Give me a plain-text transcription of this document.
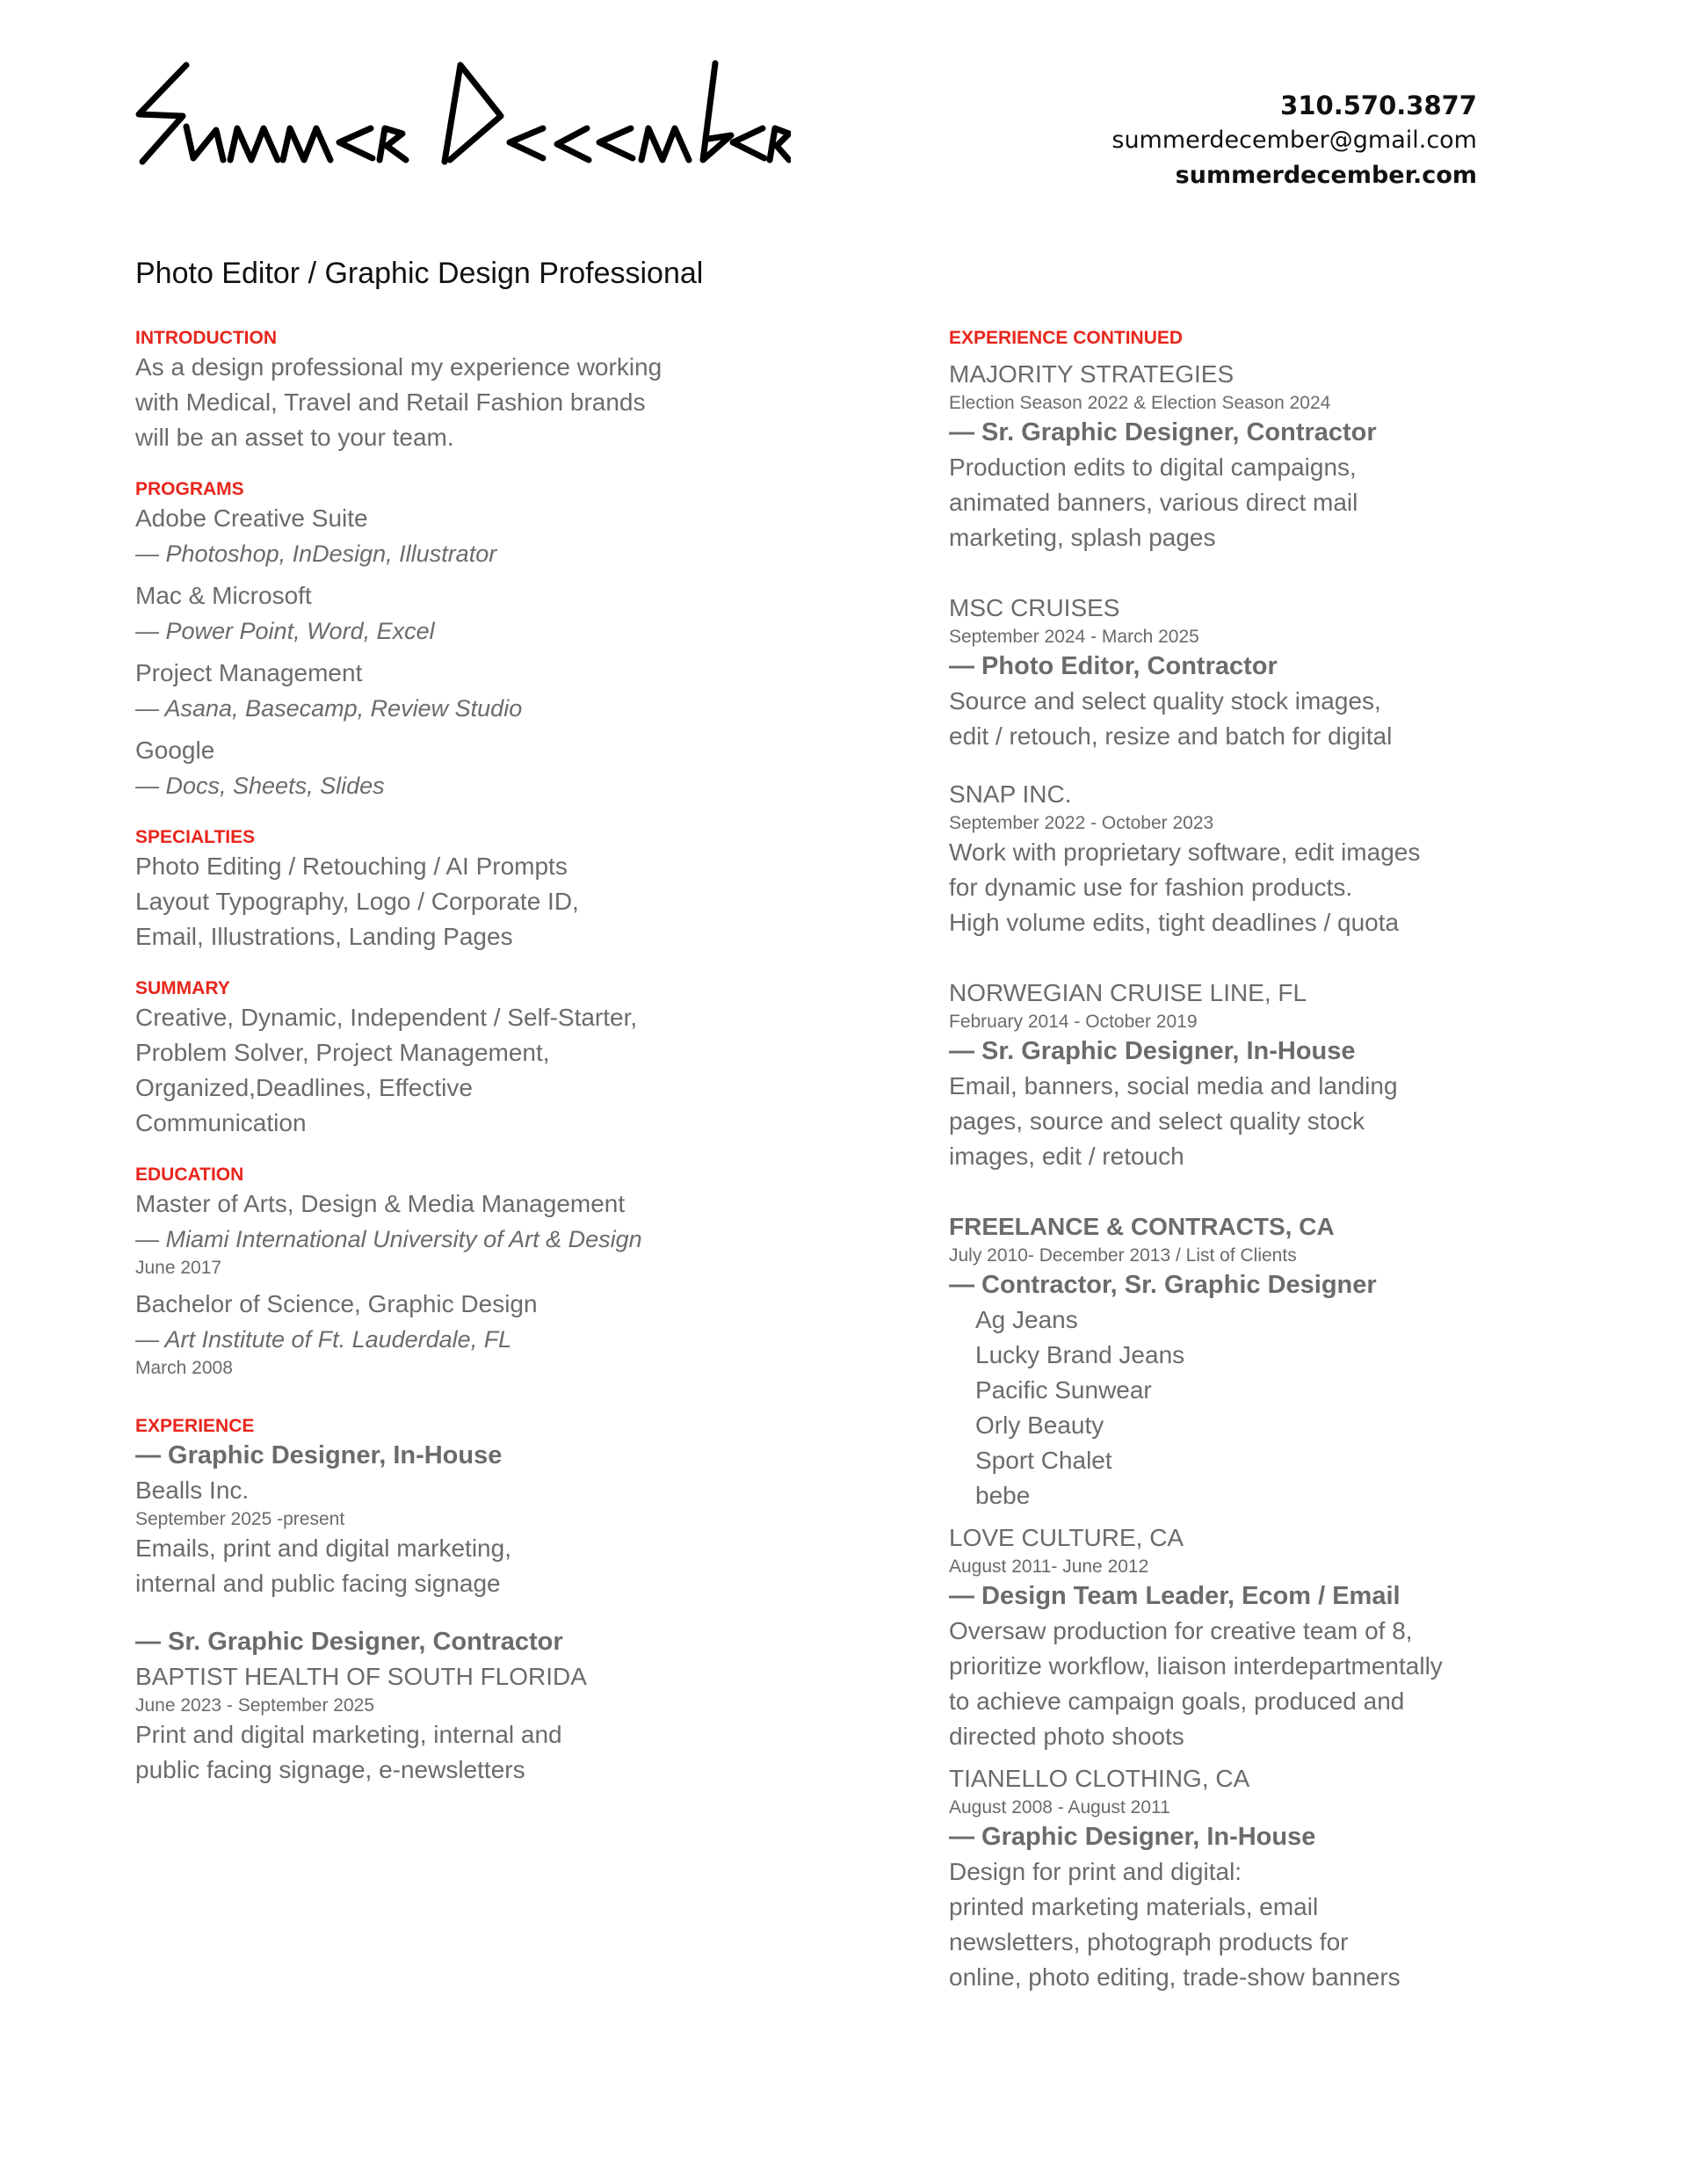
310.570.3877
summerdecember@gmail.com
summerdecember.com
Photo Editor / Graphic Design Professional
INTRODUCTION
As a design professional my experience working
with Medical, Travel and Retail Fashion brands
will be an asset to your team.
PROGRAMS
Adobe Creative Suite
— Photoshop, InDesign, Illustrator
Mac & Microsoft
— Power Point, Word, Excel
Project Management
— Asana, Basecamp, Review Studio
Google
— Docs, Sheets, Slides
SPECIALTIES
Photo Editing / Retouching / AI Prompts
Layout Typography, Logo / Corporate ID,
Email, Illustrations, Landing Pages
SUMMARY
Creative, Dynamic, Independent / Self-Starter,
Problem Solver, Project Management,
Organized,Deadlines, Effective
Communication
EDUCATION
Master of Arts, Design & Media Management
— Miami International University of Art & Design
June 2017
Bachelor of Science, Graphic Design
— Art Institute of Ft. Lauderdale, FL
March 2008
EXPERIENCE
— Graphic Designer, In-House
Bealls Inc.
September 2025 -present
Emails, print and digital marketing,
internal and public facing signage
— Sr. Graphic Designer, Contractor
BAPTIST HEALTH OF SOUTH FLORIDA
June 2023 - September 2025
Print and digital marketing, internal and
public facing signage, e-newsletters
EXPERIENCE CONTINUED
MAJORITY STRATEGIES
Election Season 2022 & Election Season 2024
— Sr. Graphic Designer, Contractor
Production edits to digital campaigns,
animated banners, various direct mail
marketing, splash pages
MSC CRUISES
September 2024 - March 2025
— Photo Editor, Contractor
Source and select quality stock images,
edit / retouch, resize and batch for digital
SNAP INC.
September 2022 - October 2023
Work with proprietary software, edit images
for dynamic use for fashion products.
High volume edits, tight deadlines / quota
NORWEGIAN CRUISE LINE, FL
February 2014 - October 2019
— Sr. Graphic Designer, In-House
Email, banners, social media and landing
pages, source and select quality stock
images, edit / retouch
FREELANCE & CONTRACTS, CA
July 2010- December 2013 / List of Clients
— Contractor, Sr. Graphic Designer
Ag Jeans
Lucky Brand Jeans
Pacific Sunwear
Orly Beauty
Sport Chalet
bebe
LOVE CULTURE, CA
August 2011- June 2012
— Design Team Leader, Ecom / Email
Oversaw production for creative team of 8,
prioritize workflow, liaison interdepartmentally
to achieve campaign goals, produced and
directed photo shoots
TIANELLO CLOTHING, CA
August 2008 - August 2011
— Graphic Designer, In-House
Design for print and digital:
printed marketing materials, email
newsletters, photograph products for
online, photo editing, trade-show banners
